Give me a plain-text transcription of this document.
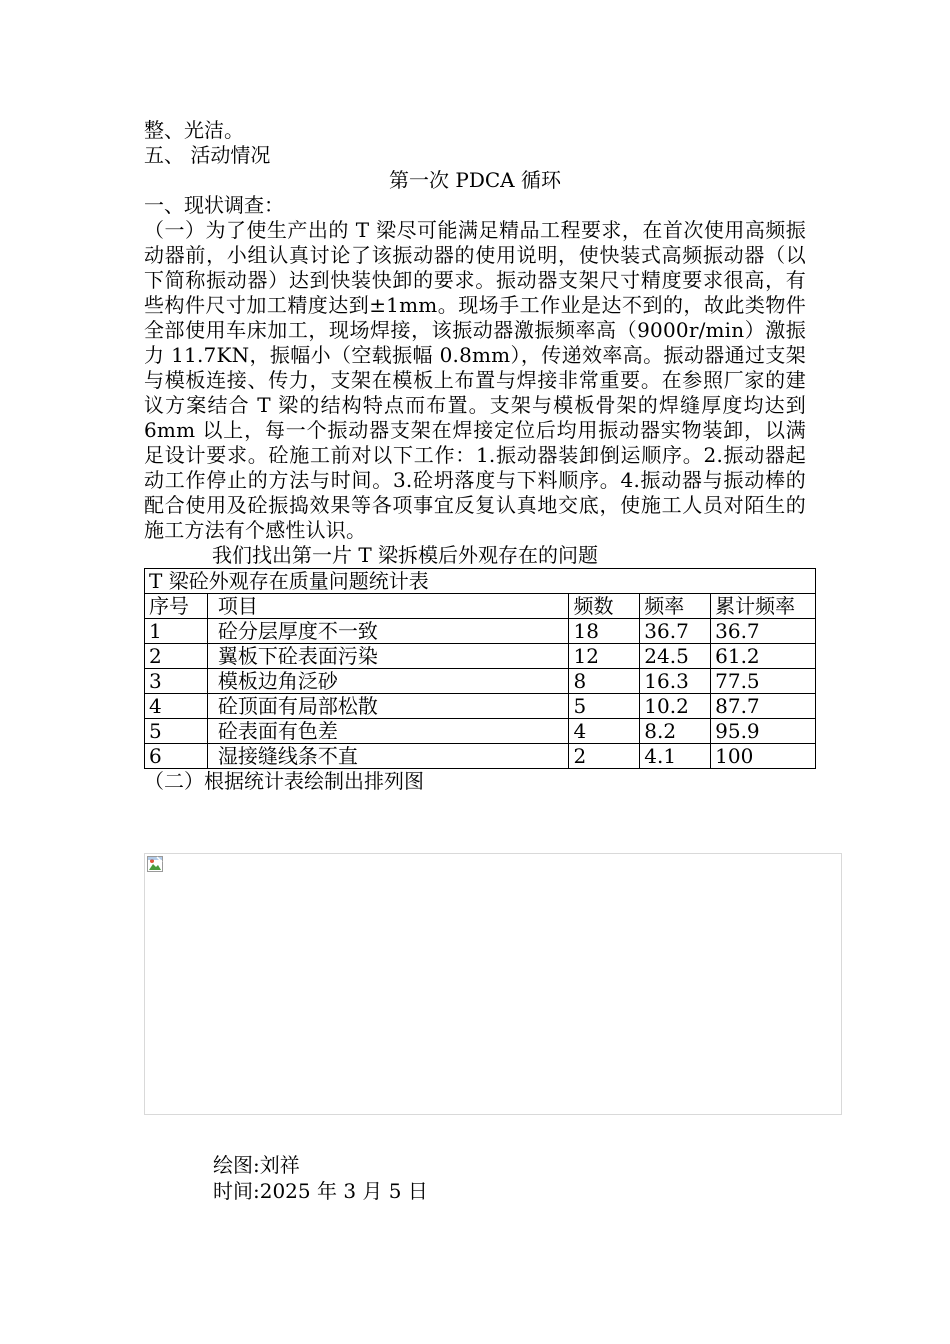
整、光洁。
五、 活动情况
第一次 PDCA 循环
一、现状调查：
（一）为了使生产出的 T 梁尽可能满足精品工程要求，在首次使用高频振动器前，小组认真讨论了该振动器的使用说明，使快装式高频振动器（以下简称振动器）达到快装快卸的要求。振动器支架尺寸精度要求很高，有些构件尺寸加工精度达到±1mm。现场手工作业是达不到的，故此类物件全部使用车床加工，现场焊接，该振动器激振频率高（9000r/min）激振力 11.7KN，振幅小（空载振幅 0.8mm），传递效率高。振动器通过支架与模板连接、传力，支架在模板上布置与焊接非常重要。在参照厂家的建议方案结合 T 梁的结构特点而布置。支架与模板骨架的焊缝厚度均达到 6mm 以上，每一个振动器支架在焊接定位后均用振动器实物装卸，以满足设计要求。砼施工前对以下工作：1.振动器装卸倒运顺序。2.振动器起动工作停止的方法与时间。3.砼坍落度与下料顺序。4.振动器与振动棒的配合使用及砼振捣效果等各项事宜反复认真地交底，使施工人员对陌生的施工方法有个感性认识。
我们找出第一片 T 梁拆模后外观存在的问题
T 梁砼外观存在质量问题统计表				
序号	项目	频数	频率	累计频率
1	砼分层厚度不一致	18	36.7	36.7
2	翼板下砼表面污染	12	24.5	61.2
3	模板边角泛砂	8	16.3	77.5
4	砼顶面有局部松散	5	10.2	87.7
5	砼表面有色差	4	8.2	95.9
6	湿接缝线条不直	2	4.1	100
（二）根据统计表绘制出排列图
绘图:刘祥
时间:2025 年 3 月 5 日
